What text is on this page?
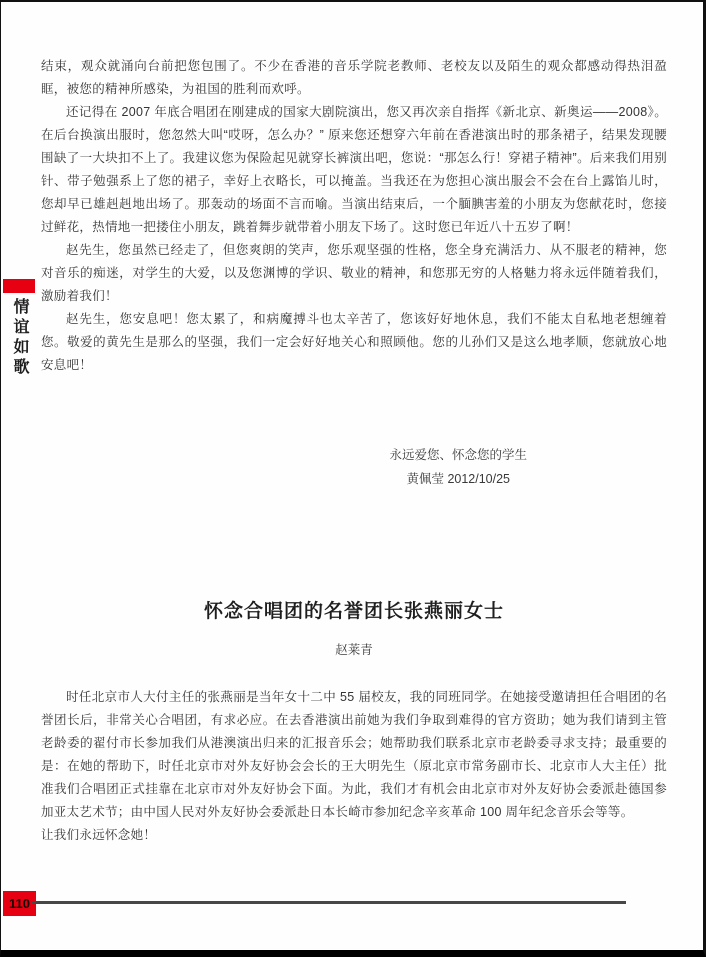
情谊如歌

结束，观众就涌向台前把您包围了。不少在香港的音乐学院老教师、老校友以及陌生的观众都感动得热泪盈眶，被您的精神所感染，为祖国的胜利而欢呼。

还记得在 2007 年底合唱团在刚建成的国家大剧院演出，您又再次亲自指挥《新北京、新奥运——2008》。在后台换演出服时，您忽然大叫“哎呀，怎么办？” 原来您还想穿六年前在香港演出时的那条裙子，结果发现腰围缺了一大块扣不上了。我建议您为保险起见就穿长裤演出吧，您说：“那怎么行！穿裙子精神”。后来我们用别针、带子勉强系上了您的裙子，幸好上衣略长，可以掩盖。当我还在为您担心演出服会不会在台上露馅儿时，您却早已雄赳赳地出场了。那轰动的场面不言而喻。当演出结束后，一个腼腆害羞的小朋友为您献花时，您接过鲜花，热情地一把搂住小朋友，跳着舞步就带着小朋友下场了。这时您已年近八十五岁了啊！

赵先生，您虽然已经走了，但您爽朗的笑声，您乐观坚强的性格，您全身充满活力、从不服老的精神，您对音乐的痴迷，对学生的大爱，以及您渊博的学识、敬业的精神，和您那无穷的人格魅力将永远伴随着我们，激励着我们！

赵先生，您安息吧！您太累了，和病魔搏斗也太辛苦了，您该好好地休息，我们不能太自私地老想缠着您。敬爱的黄先生是那么的坚强，我们一定会好好地关心和照顾他。您的儿孙们又是这么地孝顺，您就放心地安息吧！

永远爱您、怀念您的学生
黄佩莹 2012/10/25
怀念合唱团的名誉团长张燕丽女士
赵莱青

时任北京市人大付主任的张燕丽是当年女十二中 55 届校友，我的同班同学。在她接受邀请担任合唱团的名誉团长后，非常关心合唱团，有求必应。在去香港演出前她为我们争取到难得的官方资助；她为我们请到主管老龄委的翟付市长参加我们从港澳演出归来的汇报音乐会；她帮助我们联系北京市老龄委寻求支持；最重要的是：在她的帮助下，时任北京市对外友好协会会长的王大明先生（原北京市常务副市长、北京市人大主任）批准我们合唱团正式挂靠在北京市对外友好协会下面。为此，我们才有机会由北京市对外友好协会委派赴德国参加亚太艺术节；由中国人民对外友好协会委派赴日本长崎市参加纪念辛亥革命 100 周年纪念音乐会等等。

让我们永远怀念她！

110
